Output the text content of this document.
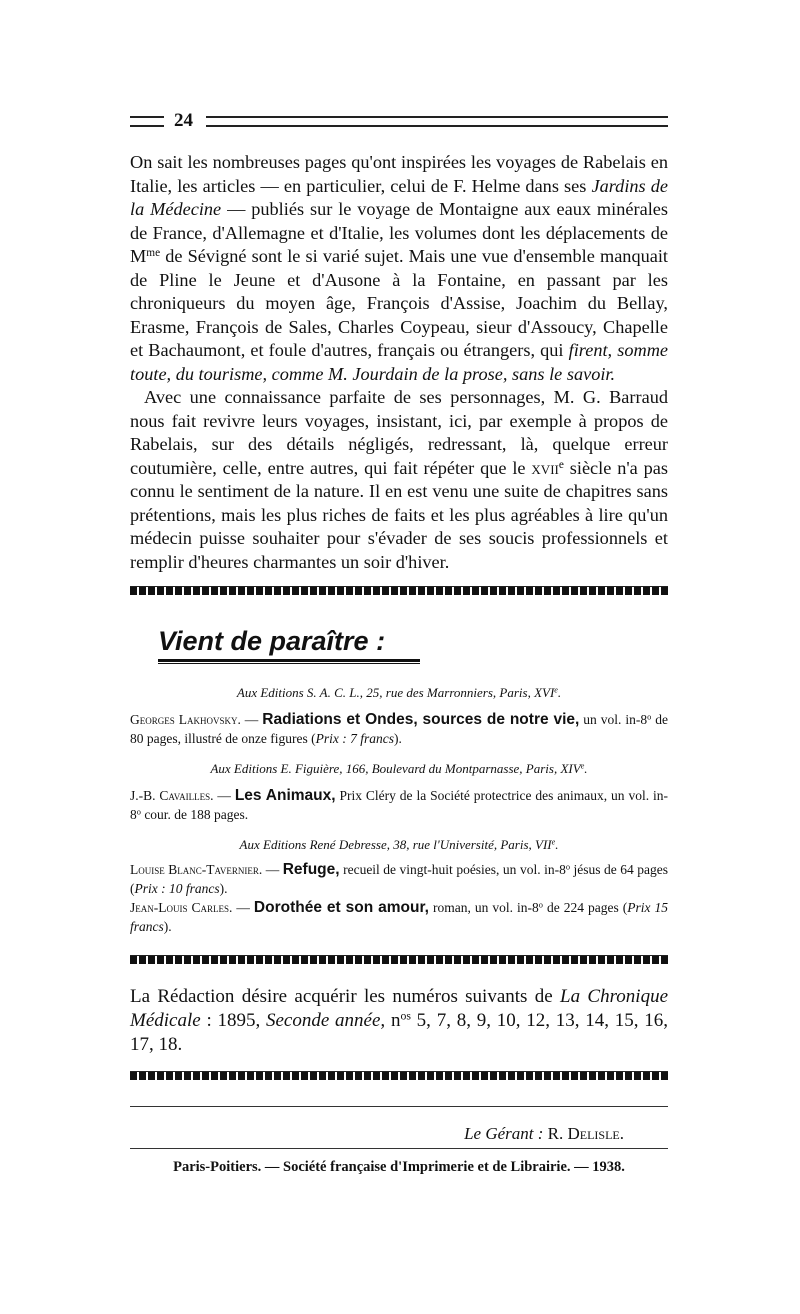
24

On sait les nombreuses pages qu'ont inspirées les voyages de Rabelais en Italie, les articles — en particulier, celui de F. Helme dans ses Jardins de la Médecine — publiés sur le voyage de Montaigne aux eaux minérales de France, d'Allemagne et d'Italie, les volumes dont les déplacements de $M^{me}$ de Sévigné sont le si varié sujet. Mais une vue d'ensemble manquait de Pline le Jeune et d'Ausone à la Fontaine, en passant par les chroniqueurs du moyen âge, François d'Assise, Joachim du Bellay, Erasme, François de Sales, Charles Coypeau, sieur d'Assoucy, Chapelle et Bachaumont, et foule d'autres, français ou étrangers, qui firent, somme toute, du tourisme, comme M. Jourdain de la prose, sans le savoir.

Avec une connaissance parfaite de ses personnages, M. G. Barraud nous fait revivre leurs voyages, insistant, ici, par exemple à propos de Rabelais, sur des détails négligés, redressant, là, quelque erreur coutumière, celle, entre autres, qui fait répéter que le xvii$^e$ siècle n'a pas connu le sentiment de la nature. Il en est venu une suite de chapitres sans prétentions, mais les plus riches de faits et les plus agréables à lire qu'un médecin puisse souhaiter pour s'évader de ses soucis professionnels et remplir d'heures charmantes un soir d'hiver.

Vient de paraître :
Aux Editions S. A. C. L., 25, rue des Marronniers, Paris, XVIe.
Georges Lakhovsky. — Radiations et Ondes, sources de notre vie, un vol. in-8$^o$ de 80 pages, illustré de onze figures (Prix : 7 francs).
Aux Editions E. Figuière, 166, Boulevard du Montparnasse, Paris, XIVe.
J.-B. Cavailles. — Les Animaux, Prix Cléry de la Société protectrice des animaux, un vol. in-8$^o$ cour. de 188 pages.
Aux Editions René Debresse, 38, rue l'Université, Paris, VIIe.
Louise Blanc-Tavernier. — Refuge, recueil de vingt-huit poésies, un vol. in-8$^o$ jésus de 64 pages (Prix : 10 francs).
Jean-Louis Carles. — Dorothée et son amour, roman, un vol. in-8$^o$ de 224 pages (Prix 15 francs).
La Rédaction désire acquérir les numéros suivants de La Chronique Médicale : 1895, Seconde année, $n^{os}$ 5, 7, 8, 9, 10, 12, 13, 14, 15, 16, 17, 18.
Le Gérant : R. Delisle.
Paris-Poitiers. — Société française d'Imprimerie et de Librairie. — 1938.
